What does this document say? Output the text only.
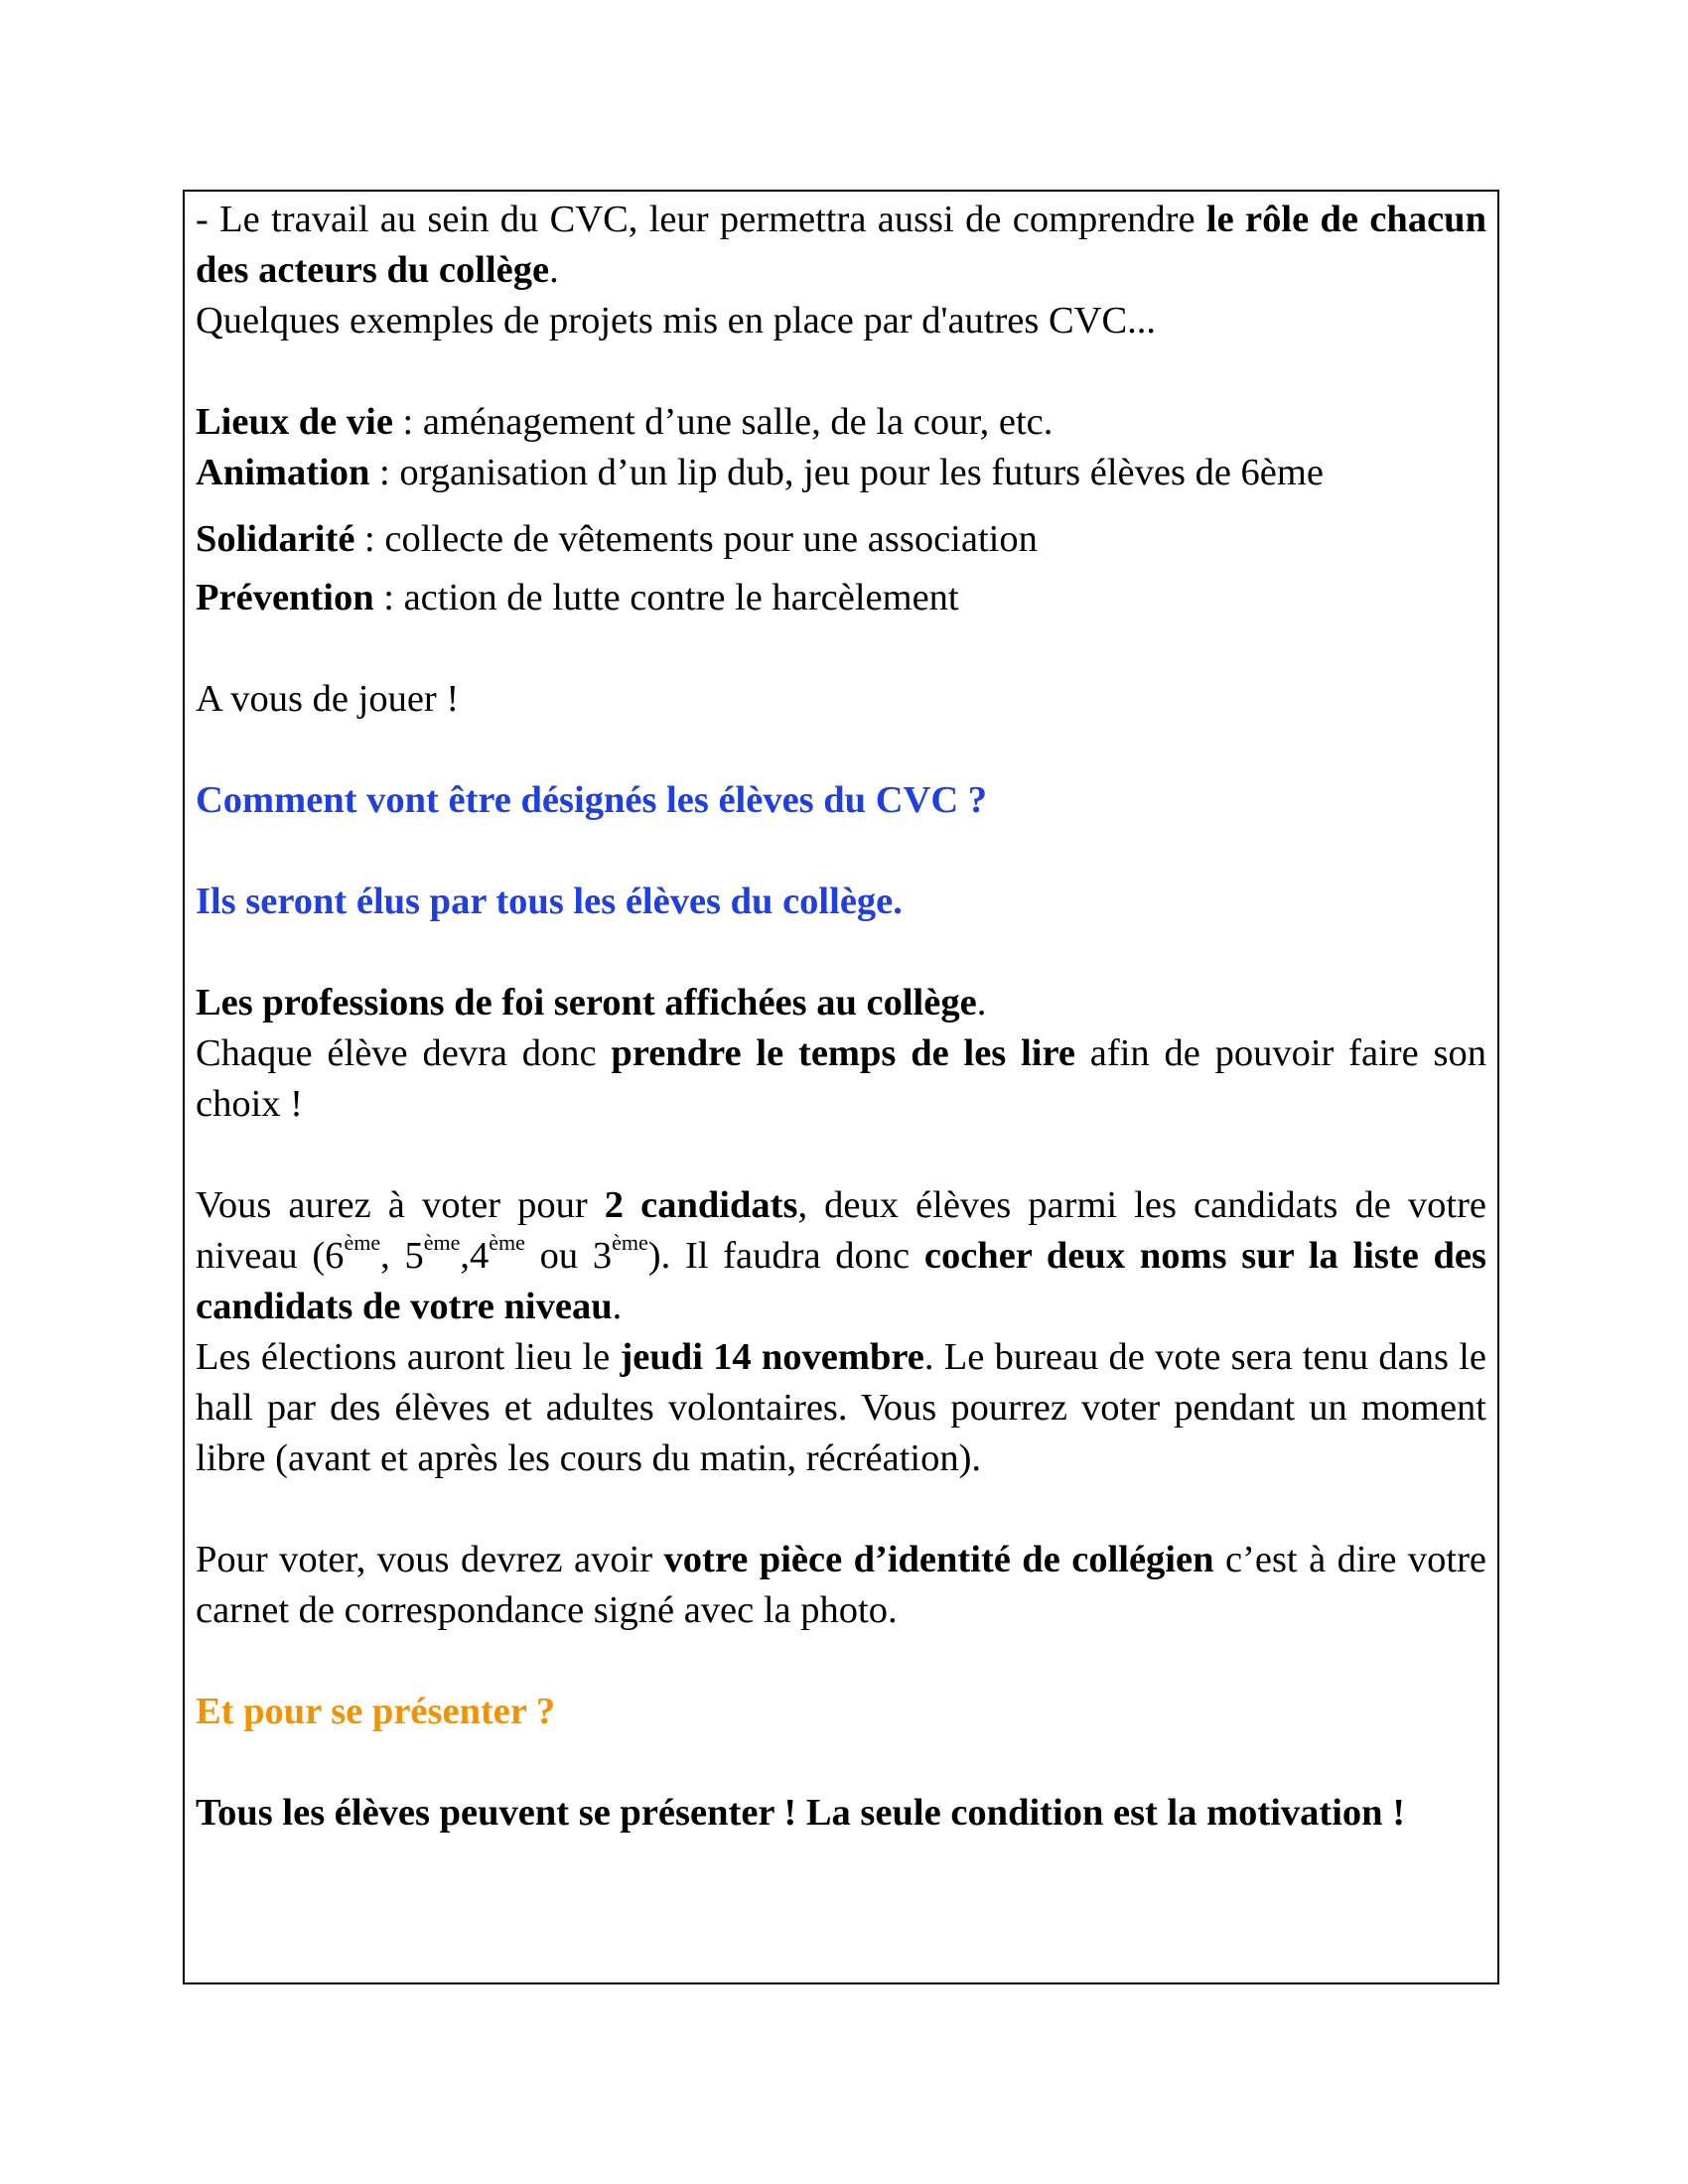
- Le travail au sein du CVC, leur permettra aussi de comprendre le rôle de chacun des acteurs du collège.

Quelques exemples de projets mis en place par d'autres CVC...

Lieux de vie : aménagement d’une salle, de la cour, etc.

Animation : organisation d’un lip dub, jeu pour les futurs élèves de 6ème

Solidarité : collecte de vêtements pour une association

Prévention : action de lutte contre le harcèlement

A vous de jouer !

Comment vont être désignés les élèves du CVC ?

Ils seront élus par tous les élèves du collège.

Les professions de foi seront affichées au collège.

Chaque élève devra donc prendre le temps de les lire afin de pouvoir faire son choix !

Vous aurez à voter pour 2 candidats, deux élèves parmi les candidats de votre niveau (6ème, 5ème,4ème ou 3ème). Il faudra donc cocher deux noms sur la liste des candidats de votre niveau.

Les élections auront lieu le jeudi 14 novembre. Le bureau de vote sera tenu dans le hall par des élèves et adultes volontaires. Vous pourrez voter pendant un moment libre (avant et après les cours du matin, récréation).

Pour voter, vous devrez avoir votre pièce d’identité de collégien c’est à dire votre carnet de correspondance signé avec la photo.

Et pour se présenter ?

Tous les élèves peuvent se présenter ! La seule condition est la motivation !
